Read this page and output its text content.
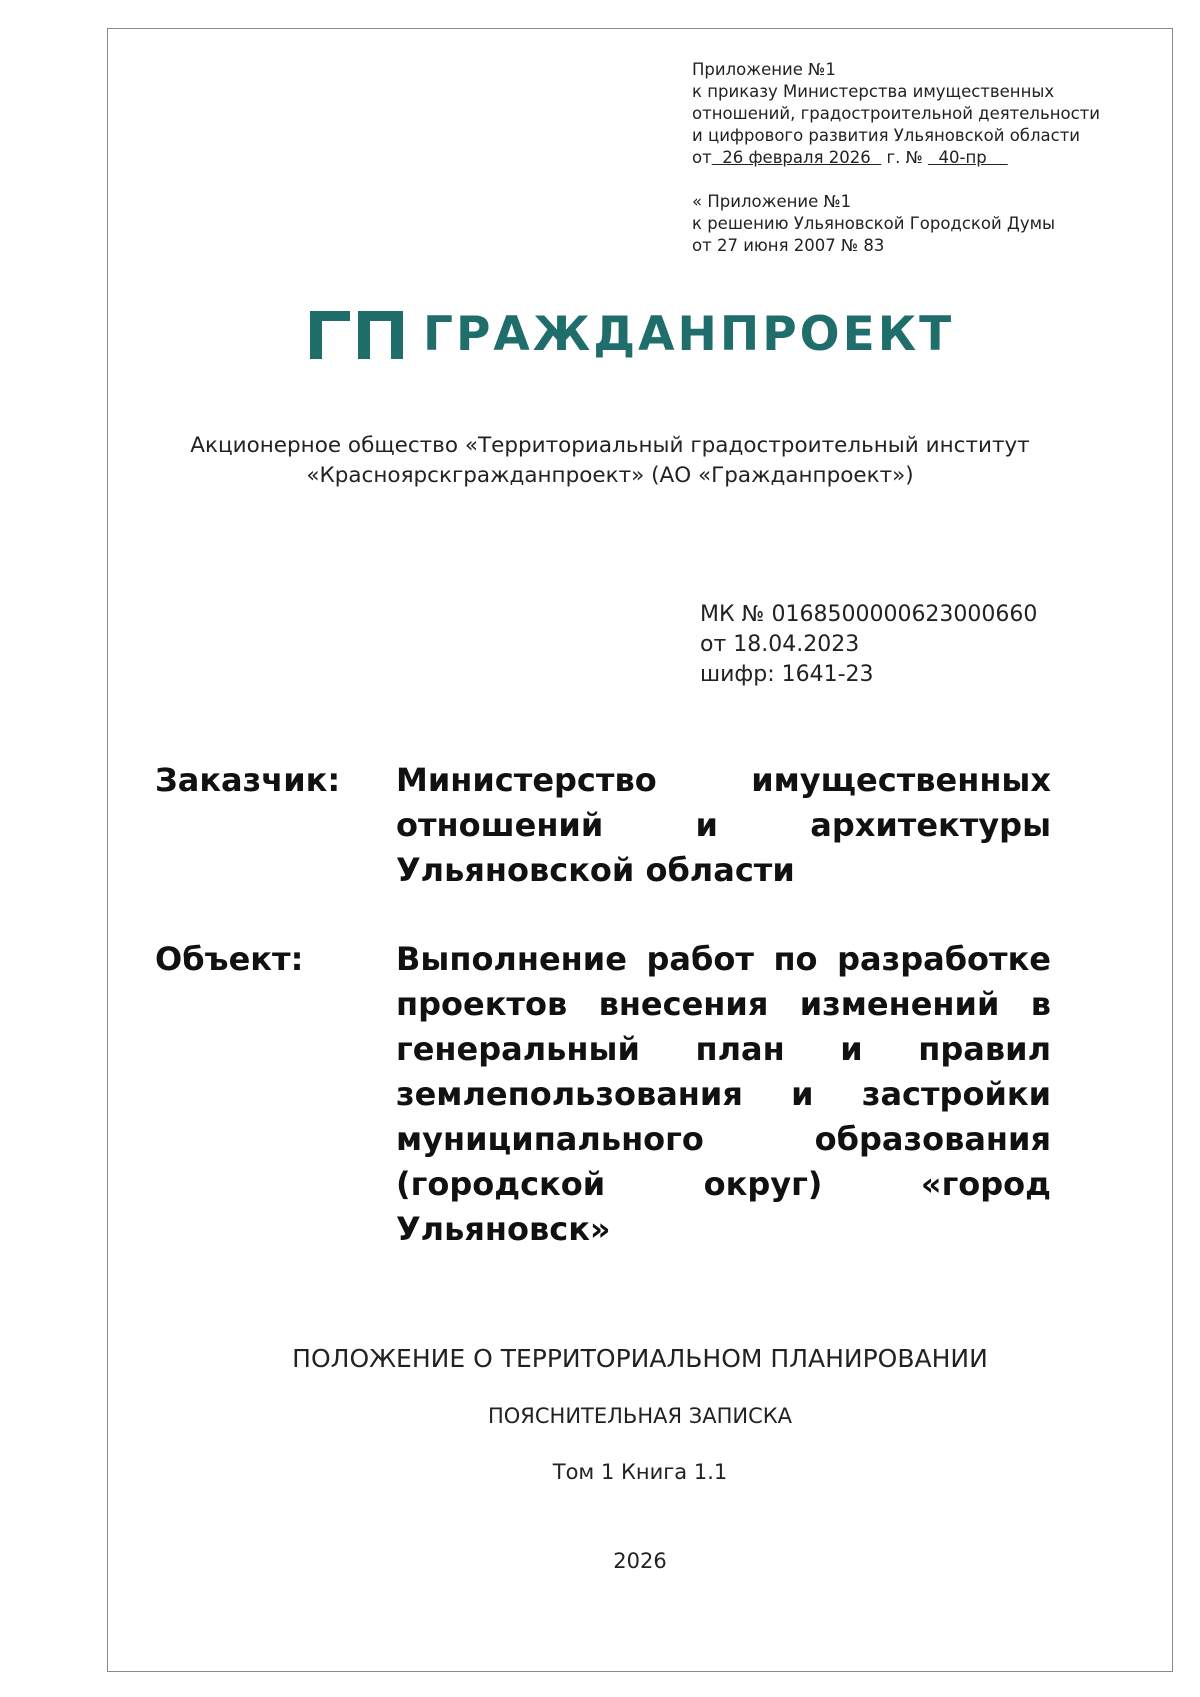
Приложение №1
к приказу Министерства имущественных
отношений, градостроительной деятельности
и цифрового развития Ульяновской области
от  26 февраля 2026   г. №   40-пр
« Приложение №1
к решению Ульяновской Городской Думы
от 27 июня 2007 № 83
ГРАЖДАНПРОЕКТ
Акционерное общество «Территориальный градостроительный институт
«Красноярскгражданпроект» (АО «Гражданпроект»)
МК № 0168500000623000660
от 18.04.2023
шифр: 1641-23
Заказчик: Министерство имущественных отношений и архитектуры Ульяновской области
Объект:	Выполнение работ по разработке проектов внесения изменений в генеральный план и правил землепользования и застройки муниципального образования (городской округ) «город Ульяновск»
ПОЛОЖЕНИЕ О ТЕРРИТОРИАЛЬНОМ ПЛАНИРОВАНИИ
ПОЯСНИТЕЛЬНАЯ ЗАПИСКА
Том 1 Книга 1.1
2026
